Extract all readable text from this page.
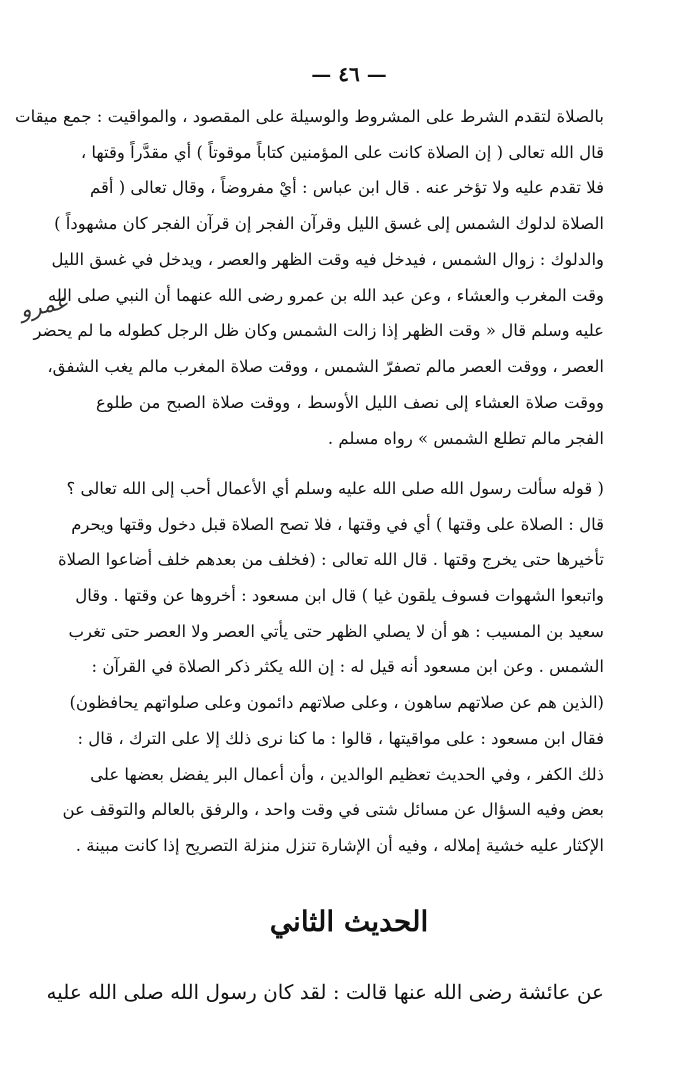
— ٤٦ —
عمرو
بالصلاة لتقدم الشرط على المشروط والوسيلة على المقصود ، والمواقيت : جمع ميقات
قال الله تعالى ( إن الصلاة كانت على المؤمنين كتاباً موقوتاً ) أي مقدَّراً وقتها ،
فلا تقدم عليه ولا تؤخر عنه . قال ابن عباس : أيْ مفروضاً ، وقال تعالى ( أقم
الصلاة لدلوك الشمس إلى غسق الليل وقرآن الفجر إن قرآن الفجر كان مشهوداً )
والدلوك : زوال الشمس ، فيدخل فيه وقت الظهر والعصر ، ويدخل في غسق الليل
وقت المغرب والعشاء ، وعن عبد الله بن عمرو رضى الله عنهما أن النبي صلى الله
عليه وسلم قال « وقت الظهر إذا زالت الشمس وكان ظل الرجل كطوله ما لم يحضر
العصر ، ووقت العصر مالم تصفرّ الشمس ، ووقت صلاة المغرب مالم يغب الشفق،
ووقت صلاة العشاء إلى نصف الليل الأوسط ، ووقت صلاة الصبح من طلوع
الفجر مالم تطلع الشمس » رواه مسلم .
( قوله سألت رسول الله صلى الله عليه وسلم أي الأعمال أحب إلى الله تعالى ؟
قال : الصلاة على وقتها ) أي في وقتها ، فلا تصح الصلاة قبل دخول وقتها ويحرم
تأخيرها حتى يخرج وقتها . قال الله تعالى : (فخلف من بعدهم خلف أضاعوا الصلاة
واتبعوا الشهوات فسوف يلقون غيا ) قال ابن مسعود : أخروها عن وقتها . وقال
سعيد بن المسيب : هو أن لا يصلي الظهر حتى يأتي العصر ولا العصر حتى تغرب
الشمس . وعن ابن مسعود أنه قيل له : إن الله يكثر ذكر الصلاة في القرآن :
(الذين هم عن صلاتهم ساهون ، وعلى صلاتهم دائمون وعلى صلواتهم يحافظون)
فقال ابن مسعود : على مواقيتها ، قالوا : ما كنا نرى ذلك إلا على الترك ، قال :
ذلك الكفر ، وفي الحديث تعظيم الوالدين ، وأن أعمال البر يفضل بعضها على
بعض وفيه السؤال عن مسائل شتى في وقت واحد ، والرفق بالعالم والتوقف عن
الإكثار عليه خشية إملاله ، وفيه أن الإشارة تنزل منزلة التصريح إذا كانت مبينة .
الحديث الثاني
عن عائشة رضى الله عنها قالت : لقد كان رسول الله صلى الله عليه
